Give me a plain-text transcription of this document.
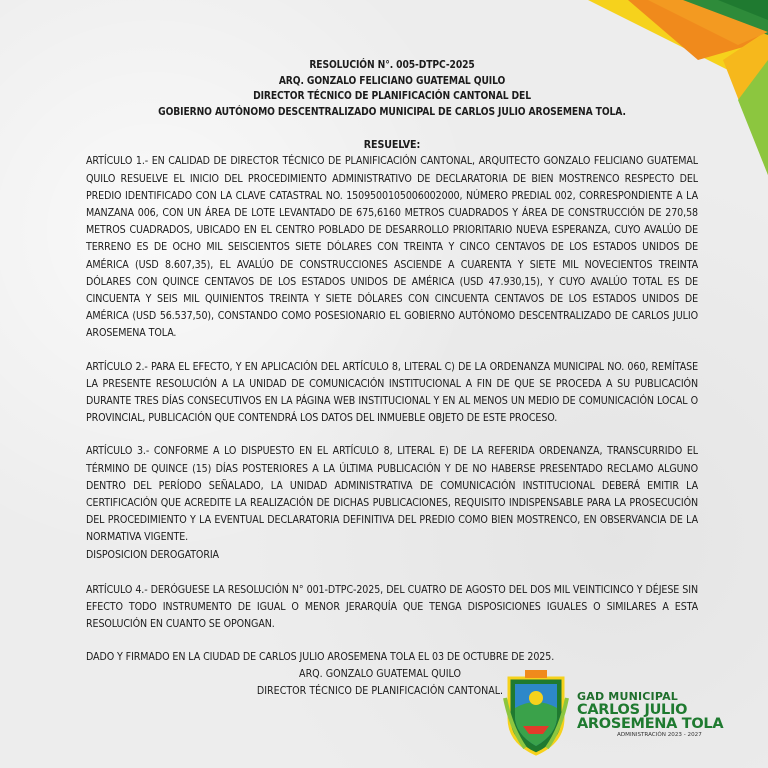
RESOLUCIÓN N°. 005-DTPC-2025
ARQ. GONZALO FELICIANO GUATEMAL QUILO
DIRECTOR TÉCNICO DE PLANIFICACIÓN CANTONAL DEL
GOBIERNO AUTÓNOMO DESCENTRALIZADO MUNICIPAL DE CARLOS JULIO AROSEMENA TOLA.
RESUELVE:

ARTÍCULO 1.- EN CALIDAD DE DIRECTOR TÉCNICO DE PLANIFICACIÓN CANTONAL, ARQUITECTO GONZALO FELICIANO GUATEMAL QUILO RESUELVE EL INICIO DEL PROCEDIMIENTO ADMINISTRATIVO DE DECLARATORIA DE BIEN MOSTRENCO RESPECTO DEL PREDIO IDENTIFICADO CON LA CLAVE CATASTRAL NO. 150950010500600200​0, NÚMERO PREDIAL 002, CORRESPONDIENTE A LA MANZANA 006, CON UN ÁREA DE LOTE LEVANTADO DE 675,6160 METROS CUADRADOS Y ÁREA DE CONSTRUCCIÓN DE 270,58 METROS CUADRADOS, UBICADO EN EL CENTRO POBLADO DE DESARROLLO PRIORITARIO NUEVA ESPERANZA, CUYO AVALÚO DE TERRENO ES DE OCHO MIL SEISCIENTOS SIETE DÓLARES CON TREINTA Y CINCO CENTAVOS DE LOS ESTADOS UNIDOS DE AMÉRICA (USD 8.607,35), EL AVALÚO DE CONSTRUCCIONES ASCIENDE A CUARENTA Y SIETE MIL NOVECIENTOS TREINTA DÓLARES CON QUINCE CENTAVOS DE LOS ESTADOS UNIDOS DE AMÉRICA (USD 47.930,15), Y CUYO AVALÚO TOTAL ES DE CINCUENTA Y SEIS MIL QUINIENTOS TREINTA Y SIETE DÓLARES CON CINCUENTA CENTAVOS DE LOS ESTADOS UNIDOS DE AMÉRICA (USD 56.537,50), CONSTANDO COMO POSESIONARIO EL GOBIERNO AUTÓNOMO DESCENTRALIZADO DE CARLOS JULIO AROSEMENA TOLA.

ARTÍCULO 2.- PARA EL EFECTO, Y EN APLICACIÓN DEL ARTÍCULO 8, LITERAL C) DE LA ORDENANZA MUNICIPAL NO. 060, REMÍTASE LA PRESENTE RESOLUCIÓN A LA UNIDAD DE COMUNICACIÓN INSTITUCIONAL A FIN DE QUE SE PROCEDA A SU PUBLICACIÓN DURANTE TRES DÍAS CONSECUTIVOS EN LA PÁGINA WEB INSTITUCIONAL Y EN AL MENOS UN MEDIO DE COMUNICACIÓN LOCAL O PROVINCIAL, PUBLICACIÓN QUE CONTENDRÁ LOS DATOS DEL INMUEBLE OBJETO DE ESTE PROCESO.

ARTÍCULO 3.- CONFORME A LO DISPUESTO EN EL ARTÍCULO 8, LITERAL E) DE LA REFERIDA ORDENANZA, TRANSCURRIDO EL TÉRMINO DE QUINCE (15) DÍAS POSTERIORES A LA ÚLTIMA PUBLICACIÓN Y DE NO HABERSE PRESENTADO RECLAMO ALGUNO DENTRO DEL PERÍODO SEÑALADO, LA UNIDAD ADMINISTRATIVA DE COMUNICACIÓN INSTITUCIONAL DEBERÁ EMITIR LA CERTIFICACIÓN QUE ACREDITE LA REALIZACIÓN DE DICHAS PUBLICACIONES, REQUISITO INDISPENSABLE PARA LA PROSECUCIÓN DEL PROCEDIMIENTO Y LA EVENTUAL DECLARATORIA DEFINITIVA DEL PREDIO COMO BIEN MOSTRENCO, EN OBSERVANCIA DE LA NORMATIVA VIGENTE.

DISPOSICION DEROGATORIA

ARTÍCULO 4.- DERÓGUESE LA RESOLUCIÓN N° 001-DTPC-2025, DEL CUATRO DE AGOSTO DEL DOS MIL VEINTICINCO Y DÉJESE SIN EFECTO TODO INSTRUMENTO DE IGUAL O MENOR JERARQUÍA QUE TENGA DISPOSICIONES IGUALES O SIMILARES A ESTA RESOLUCIÓN EN CUANTO SE OPONGAN.

DADO Y FIRMADO EN LA CIUDAD DE CARLOS JULIO AROSEMENA TOLA EL 03 DE OCTUBRE DE 2025.

ARQ. GONZALO GUATEMAL QUILO
DIRECTOR TÉCNICO DE PLANIFICACIÓN CANTONAL.	GAD MUNICIPAL
CARLOS JULIO
AROSEMENA TOLA
ADMINISTRACIÓN 2023 - 2027
